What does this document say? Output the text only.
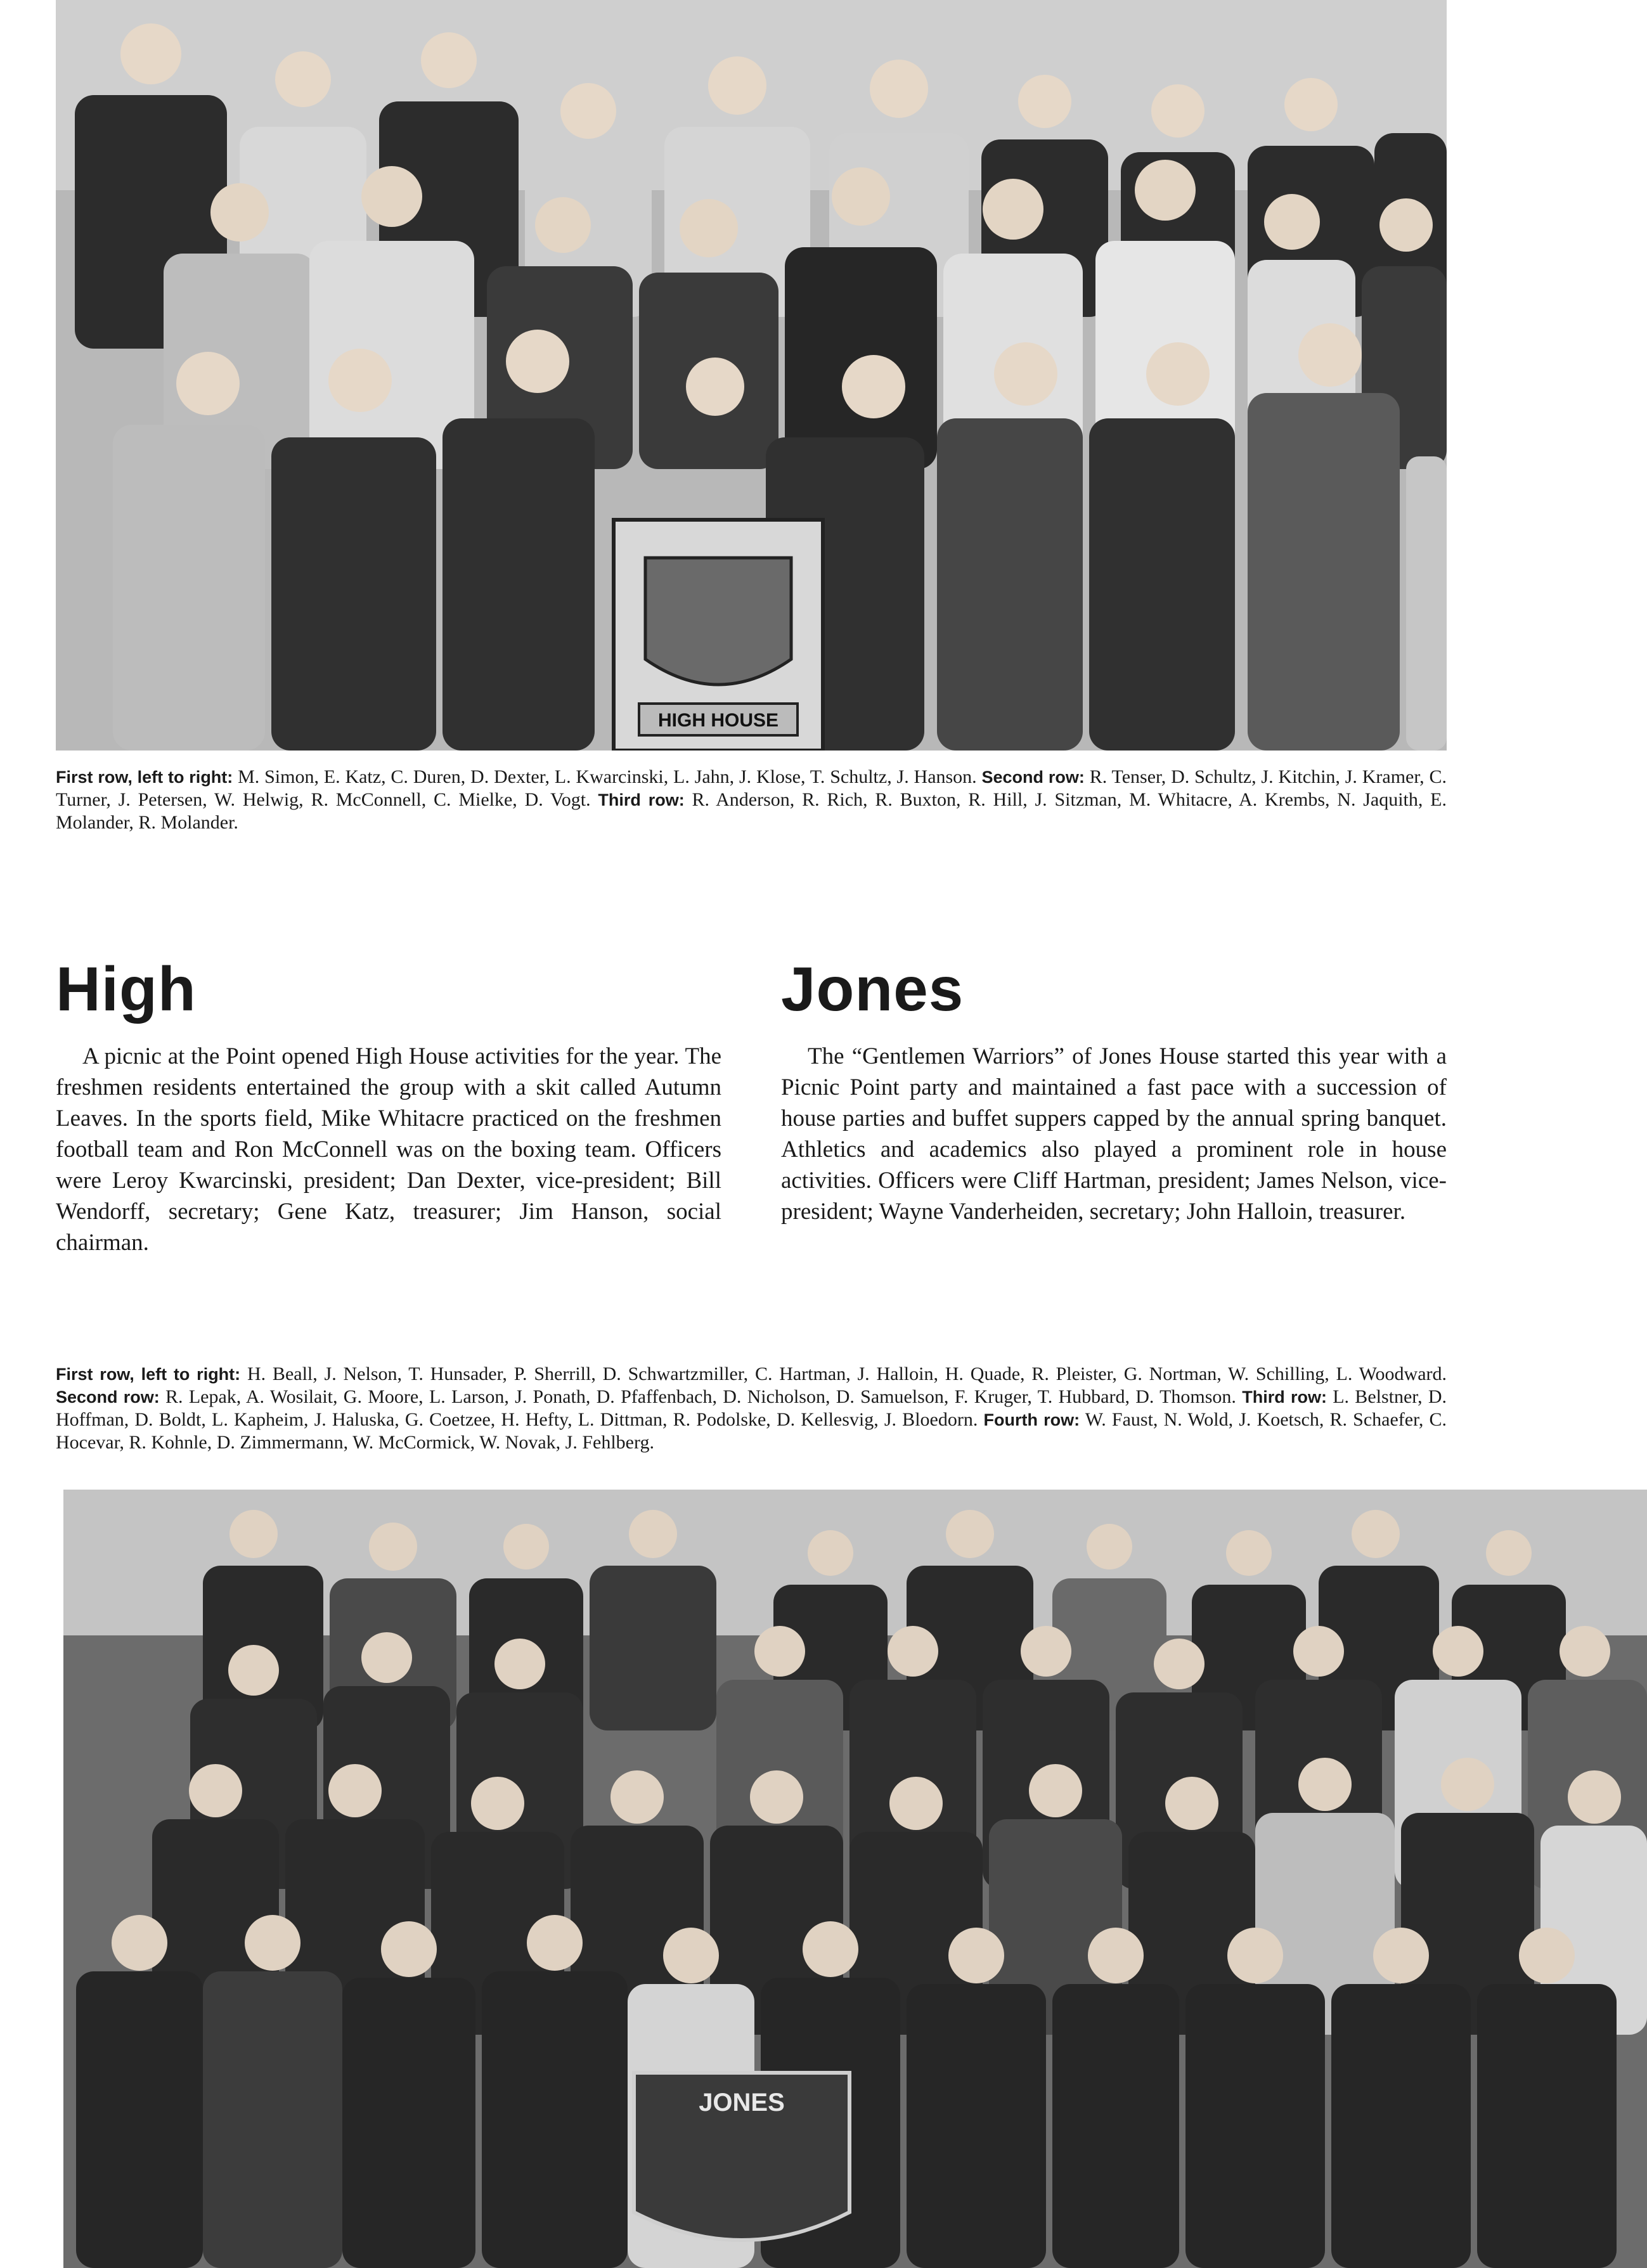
HIGH HOUSE

First row, left to right: M. Simon, E. Katz, C. Duren, D. Dexter, L. Kwarcinski, L. Jahn, J. Klose, T. Schultz, J. Hanson. Second row: R. Tenser, D. Schultz, J. Kitchin, J. Kramer, C. Turner, J. Petersen, W. Helwig, R. McConnell, C. Mielke, D. Vogt. Third row: R. Anderson, R. Rich, R. Buxton, R. Hill, J. Sitzman, M. Whitacre, A. Krembs, N. Jaquith, E. Molander, R. Molander.

High

A picnic at the Point opened High House activities for the year. The freshmen residents entertained the group with a skit called Autumn Leaves. In the sports field, Mike Whitacre practiced on the freshmen football team and Ron McConnell was on the boxing team. Officers were Leroy Kwarcinski, president; Dan Dexter, vice-president; Bill Wendorff, secretary; Gene Katz, treasurer; Jim Hanson, social chairman.

Jones

The “Gentlemen Warriors” of Jones House started this year with a Picnic Point party and maintained a fast pace with a succession of house parties and buffet suppers capped by the annual spring banquet. Athletics and academics also played a prominent role in house activities. Officers were Cliff Hartman, president; James Nelson, vice-president; Wayne Vanderheiden, secretary; John Halloin, treasurer.

First row, left to right: H. Beall, J. Nelson, T. Hunsader, P. Sherrill, D. Schwartzmiller, C. Hartman, J. Halloin, H. Quade, R. Pleister, G. Nortman, W. Schilling, L. Woodward. Second row: R. Lepak, A. Wosilait, G. Moore, L. Larson, J. Ponath, D. Pfaffenbach, D. Nicholson, D. Samuelson, F. Kruger, T. Hubbard, D. Thomson. Third row: L. Belstner, D. Hoffman, D. Boldt, L. Kapheim, J. Haluska, G. Coetzee, H. Hefty, L. Dittman, R. Podolske, D. Kellesvig, J. Bloedorn. Fourth row: W. Faust, N. Wold, J. Koetsch, R. Schaefer, C. Hocevar, R. Kohnle, D. Zimmermann, W. McCormick, W. Novak, J. Fehlberg.

JONES
